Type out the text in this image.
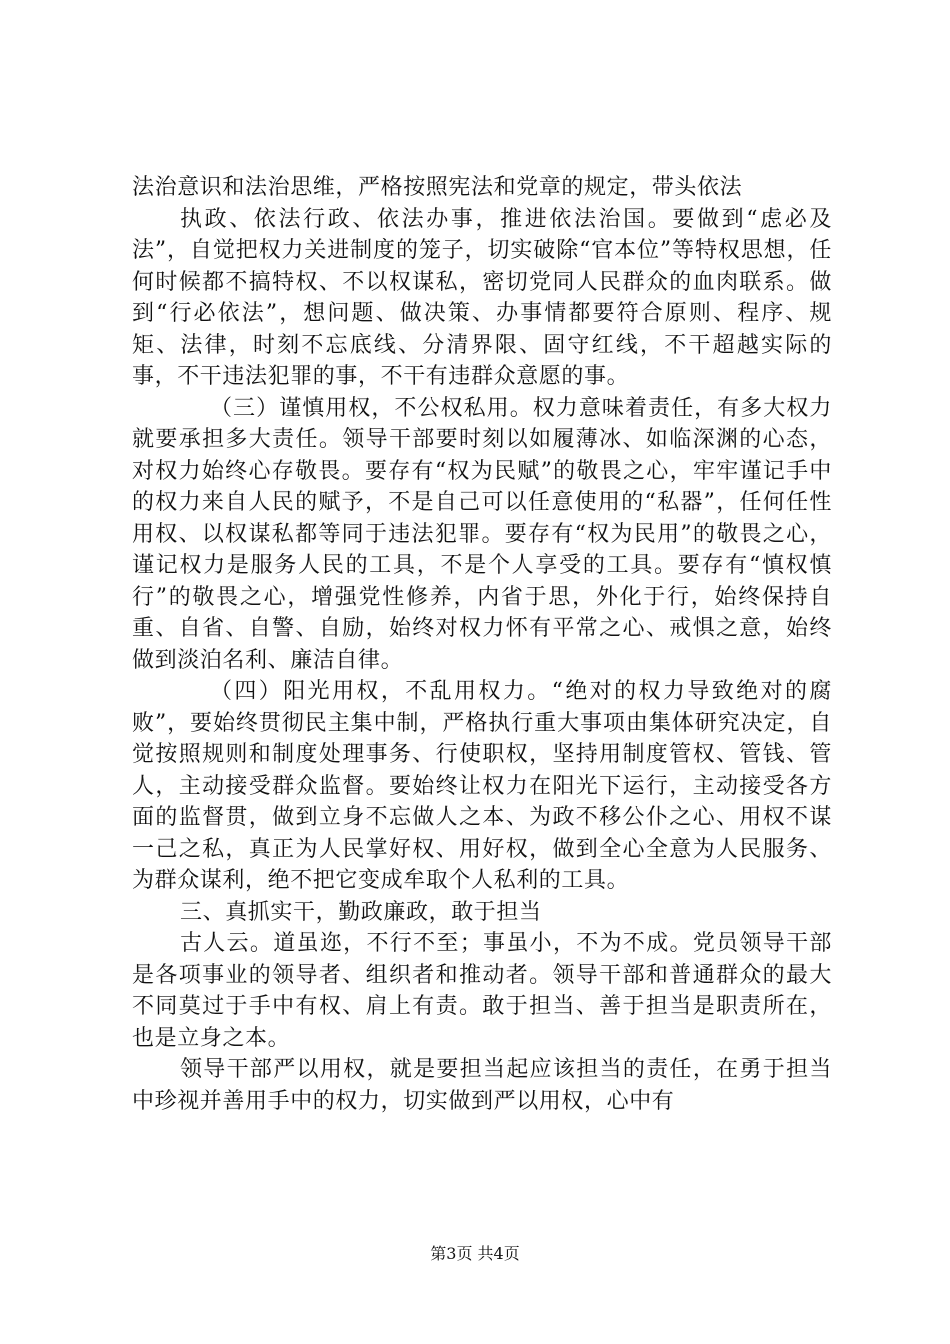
法治意识和法治思维，严格按照宪法和党章的规定，带头依法

执政、依法行政、依法办事，推进依法治国。要做到“虑必及法”，自觉把权力关进制度的笼子，切实破除“官本位”等特权思想，任何时候都不搞特权、不以权谋私，密切党同人民群众的血肉联系。做到“行必依法”，想问题、做决策、办事情都要符合原则、程序、规矩、法律，时刻不忘底线、分清界限、固守红线，不干超越实际的事，不干违法犯罪的事，不干有违群众意愿的事。

（三）谨慎用权，不公权私用。权力意味着责任，有多大权力就要承担多大责任。领导干部要时刻以如履薄冰、如临深渊的心态，对权力始终心存敬畏。要存有“权为民赋”的敬畏之心，牢牢谨记手中的权力来自人民的赋予，不是自己可以任意使用的“私器”，任何任性用权、以权谋私都等同于违法犯罪。要存有“权为民用”的敬畏之心，谨记权力是服务人民的工具，不是个人享受的工具。要存有“慎权慎行”的敬畏之心，增强党性修养，内省于思，外化于行，始终保持自重、自省、自警、自励，始终对权力怀有平常之心、戒惧之意，始终做到淡泊名利、廉洁自律。

（四）阳光用权，不乱用权力。“绝对的权力导致绝对的腐败”，要始终贯彻民主集中制，严格执行重大事项由集体研究决定，自觉按照规则和制度处理事务、行使职权，坚持用制度管权、管钱、管人，主动接受群众监督。要始终让权力在阳光下运行，主动接受各方面的监督贯，做到立身不忘做人之本、为政不移公仆之心、用权不谋一己之私，真正为人民掌好权、用好权，做到全心全意为人民服务、为群众谋利，绝不把它变成牟取个人私利的工具。

三、真抓实干，勤政廉政，敢于担当

古人云。道虽迩，不行不至；事虽小，不为不成。党员领导干部是各项事业的领导者、组织者和推动者。领导干部和普通群众的最大不同莫过于手中有权、肩上有责。敢于担当、善于担当是职责所在，也是立身之本。

领导干部严以用权，就是要担当起应该担当的责任，在勇于担当中珍视并善用手中的权力，切实做到严以用权，心中有

第3页 共4页
